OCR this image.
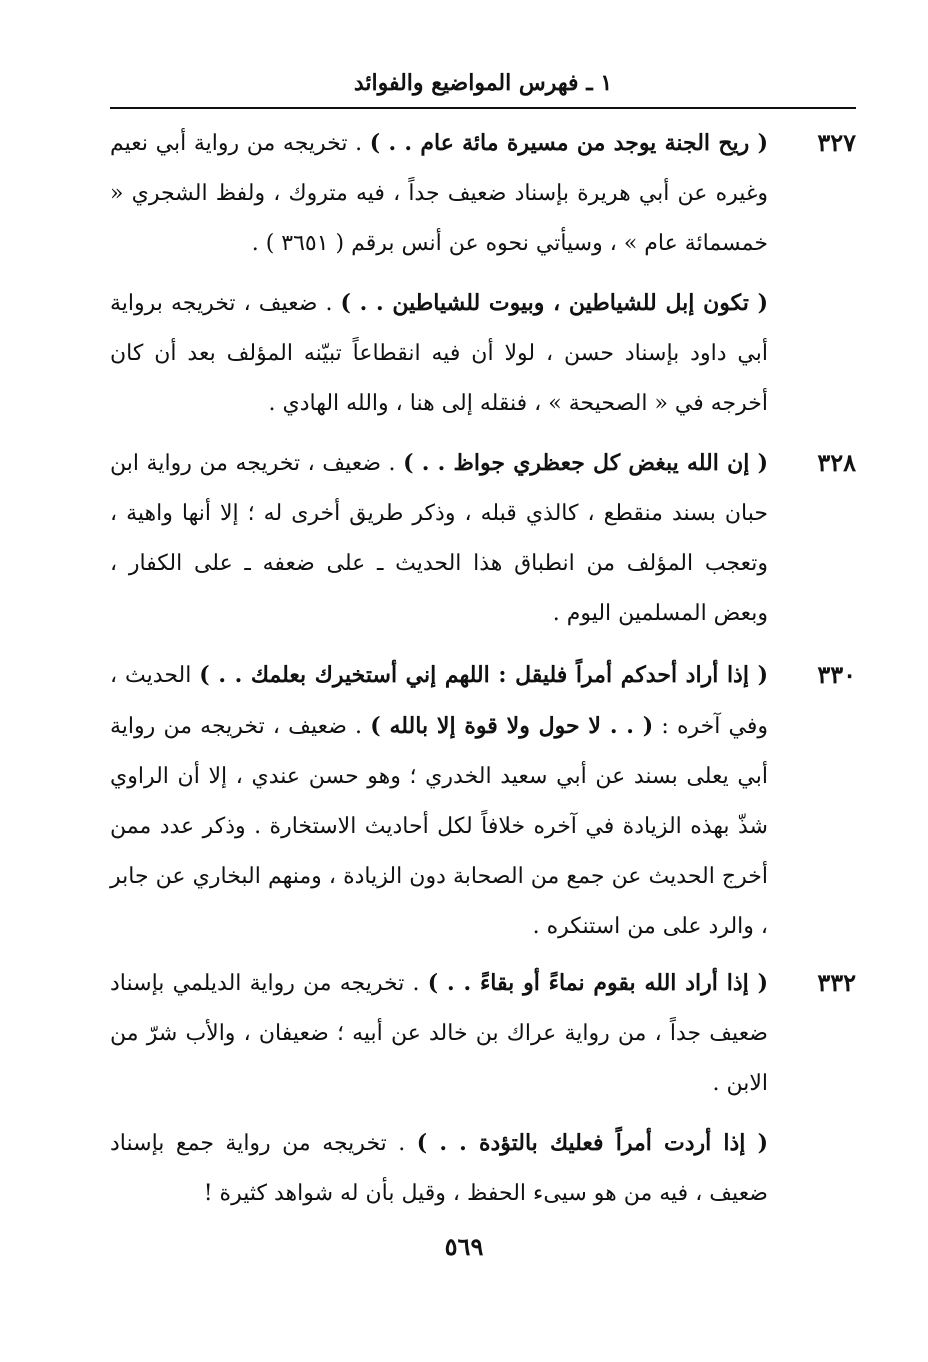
١ ـ فهرس المواضيع والفوائد
٣٢٧
( ريح الجنة يوجد من مسيرة مائة عام . . ) . تخريجه من رواية أبي نعيم وغيره عن أبي هريرة بإسناد ضعيف جداً ، فيه متروك ، ولفظ الشجري « خمسمائة عام » ، وسيأتي نحوه عن أنس برقم ( ٣٦٥١ ) .
( تكون إبل للشياطين ، وبيوت للشياطين . . ) . ضعيف ، تخريجه برواية أبي داود بإسناد حسن ، لولا أن فيه انقطاعاً تبيّنه المؤلف بعد أن كان أخرجه في « الصحيحة » ، فنقله إلى هنا ، والله الهادي .
٣٢٨
( إن الله يبغض كل جعظري جواظ . . ) . ضعيف ، تخريجه من رواية ابن حبان بسند منقطع ، كالذي قبله ، وذكر طريق أخرى له ؛ إلا أنها واهية ، وتعجب المؤلف من انطباق هذا الحديث ـ على ضعفه ـ على الكفار ، وبعض المسلمين اليوم .
٣٣٠
( إذا أراد أحدكم أمراً فليقل : اللهم إني أستخيرك بعلمك . . ) الحديث ، وفي آخره : ( . . لا حول ولا قوة إلا بالله ) . ضعيف ، تخريجه من رواية أبي يعلى بسند عن أبي سعيد الخدري ؛ وهو حسن عندي ، إلا أن الراوي شذّ بهذه الزيادة في آخره خلافاً لكل أحاديث الاستخارة . وذكر عدد ممن أخرج الحديث عن جمع من الصحابة دون الزيادة ، ومنهم البخاري عن جابر ، والرد على من استنكره .
٣٣٢
( إذا أراد الله بقوم نماءً أو بقاءً . . ) . تخريجه من رواية الديلمي بإسناد ضعيف جداً ، من رواية عراك بن خالد عن أبيه ؛ ضعيفان ، والأب شرّ من الابن .
( إذا أردت أمراً فعليك بالتؤدة . . ) . تخريجه من رواية جمع بإسناد ضعيف ، فيه من هو سيىء الحفظ ، وقيل بأن له شواهد كثيرة !
٥٦٩
